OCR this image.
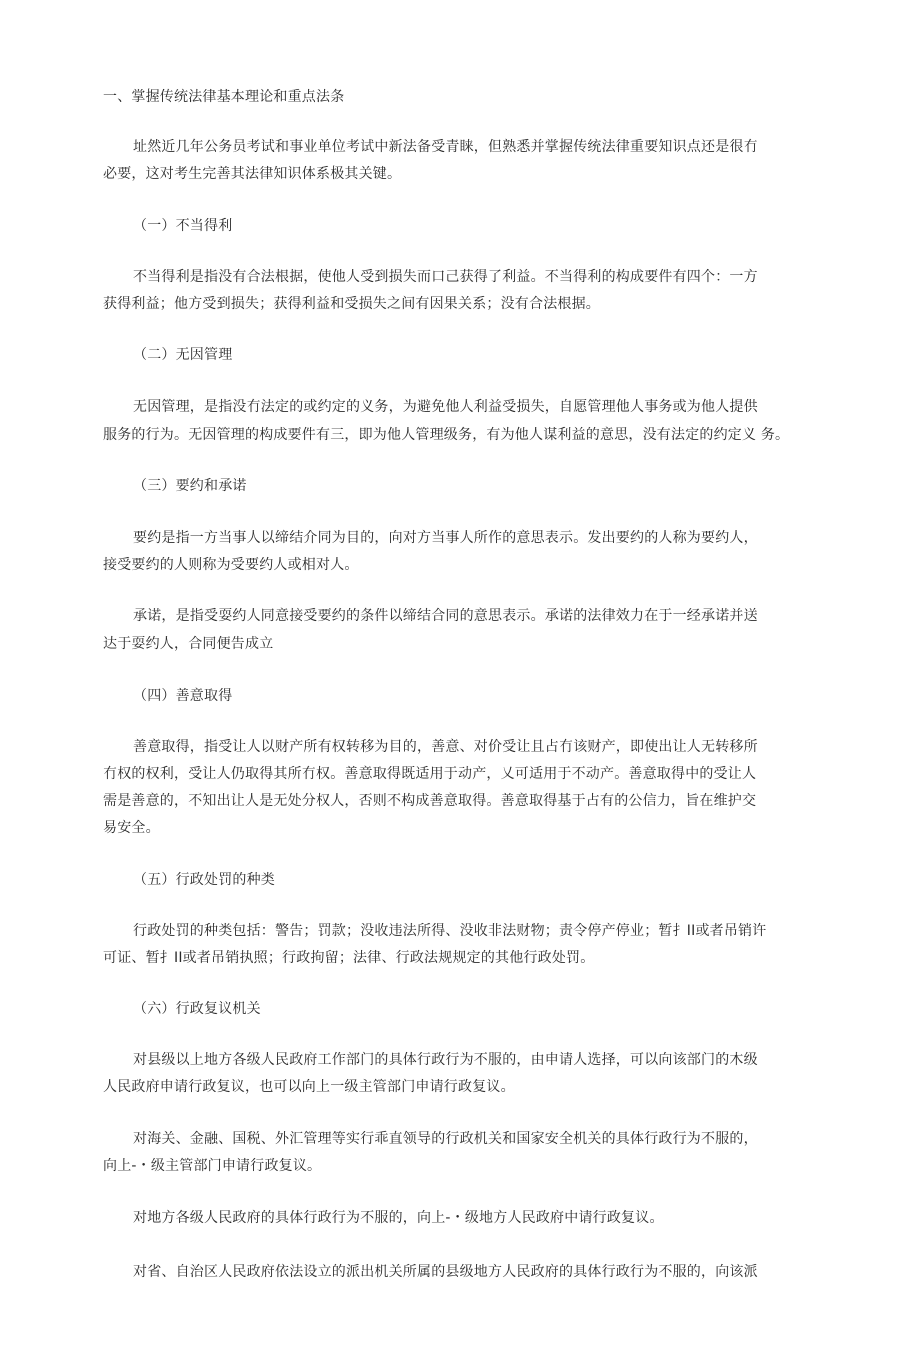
一、掌握传统法律基本理论和重点法条
址然近几年公务员考试和事业单位考试中新法备受青睐，但熟悉并掌握传统法律重要知识点还是很冇
必要，这对考生完善其法律知识体系极其关键。
（一）不当得利
不当得利是指没有合法根据，使他人受到损失而口己获得了利益。不当得利的构成要件有四个：一方
获得利益；他方受到损失；获得利益和受损失之间有因果关系；没有合法根据。
（二）无因管理
无因管理，是指没冇法定的或约定的义务，为避免他人利益受损失，自愿管理他人事务或为他人提供
服务的行为。无因管理的构成要件有三，即为他人管理级务，有为他人谋利益的意思，没有法定的约定义 务。
（三）要约和承诺
要约是指一方当事人以缔结介同为目的，向对方当事人所作的意思表示。发出要约的人称为要约人，
接受要约的人则称为受要约人或相对人。
承诺，是指受耍约人同意接受要约的条件以缔结合同的意思表示。承诺的法律效力在于一经承诺并送
达于耍约人，合同便告成立
（四）善意取得
善意取得，指受让人以财产所有权转移为目的，善意、对价受让且占冇该财产，即使出让人无转移所
冇权的权利，受让人仍取得其所冇权。善意取得既适用于动产，乂可适用于不动产。善意取得中的受让人
需是善意的，不知出让人是无处分权人，否则不构成善意取得。善意取得基于占有的公信力，旨在维护交
易安全。
（五）行政处罚的种类
行政处罚的种类包括：警告；罚款；没收违法所得、没收非法财物；责令停产停业；暂扌II或者吊销许
可证、暂扌II或者吊销执照；行政拘留；法律、行政法规规定的其他行政处罚。
（六）行政复议机关
对县级以上地方各级人民政府工作部门的具体行政行为不服的，由申请人选择，可以向该部门的木级
人民政府申请行政复议，也可以向上一级主管部门申请行政复议。
对海关、金融、国税、外汇管理等实行乖直领导的行政机关和国家安全机关的具体行政行为不服的，
向上-・级主管部门申请行政复议。
对地方各级人民政府的具体行政行为不服的，向上-・级地方人民政府中请行政复议。
对省、自治区人民政府依法设立的派出机关所属的县级地方人民政府的具体行政行为不服的，向该派
